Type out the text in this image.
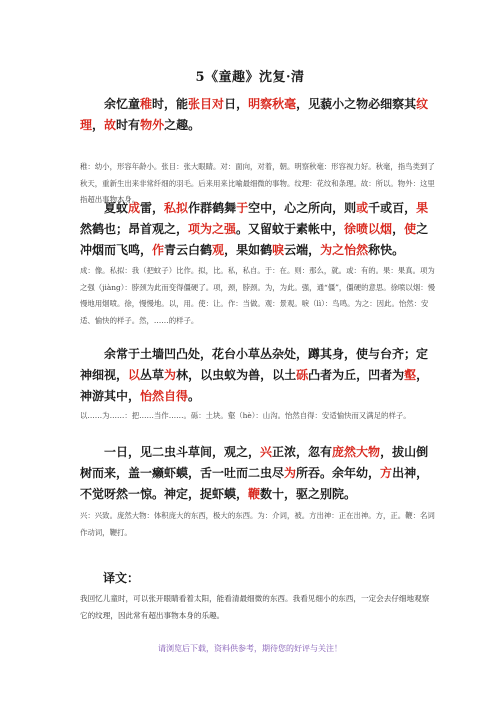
5《童趣》沈复·清
余忆童稚时，能张目对日，明察秋毫，见藐小之物必细察其纹理，故时有物外之趣。
稚：幼小，形容年龄小。张目：张大眼睛。对：面向，对着，朝。明察秋毫：形容视力好。秋毫，指鸟类到了秋天，重新生出来非常纤细的羽毛。后来用来比喻最细微的事物。纹理：花纹和条理。故：所以。物外：这里指超出事物本身。
夏蚊成雷，私拟作群鹤舞于空中，心之所向，则或千或百，果然鹤也；昂首观之，项为之强。又留蚊于素帐中，徐喷以烟，使之冲烟而飞鸣，作青云白鹤观，果如鹤唳云端，为之怡然称快。
成：像。私拟：我（把蚊子）比作。拟，比。私，私自。于：在。则：那么，就。或：有的。果：果真。项为之强（jiàng）：脖颈为此而变得僵硬了。项，颈，脖颈。为，为此。强，通“僵”，僵硬的意思。徐喷以烟：慢慢地用烟喷。徐，慢慢地。以，用。使：让。作：当做。观：景观。唳（lì）：鸟鸣。为之：因此。怡然：安适、愉快的样子。然，……的样子。
余常于土墙凹凸处，花台小草丛杂处，蹲其身，使与台齐；定神细视，以丛草为林，以虫蚁为兽，以土砾凸者为丘，凹者为壑，神游其中，怡然自得。
以……为……：把……当作……。砾：土块。壑（hè）：山沟。怡然自得：安适愉快而又满足的样子。
一日，见二虫斗草间，观之，兴正浓，忽有庞然大物，拔山倒树而来，盖一癞虾蟆，舌一吐而二虫尽为所吞。余年幼，方出神，不觉呀然一惊。神定，捉虾蟆，鞭数十，驱之别院。
兴：兴致。庞然大物：体积庞大的东西，极大的东西。为：介词，被。方出神：正在出神。方，正。鞭：名词作动词，鞭打。
译文：
我回忆儿童时，可以张开眼睛看着太阳，能看清最细微的东西。我看见细小的东西，一定会去仔细地观察它的纹理，因此常有超出事物本身的乐趣。
请浏览后下载，资料供参考，期待您的好评与关注！
